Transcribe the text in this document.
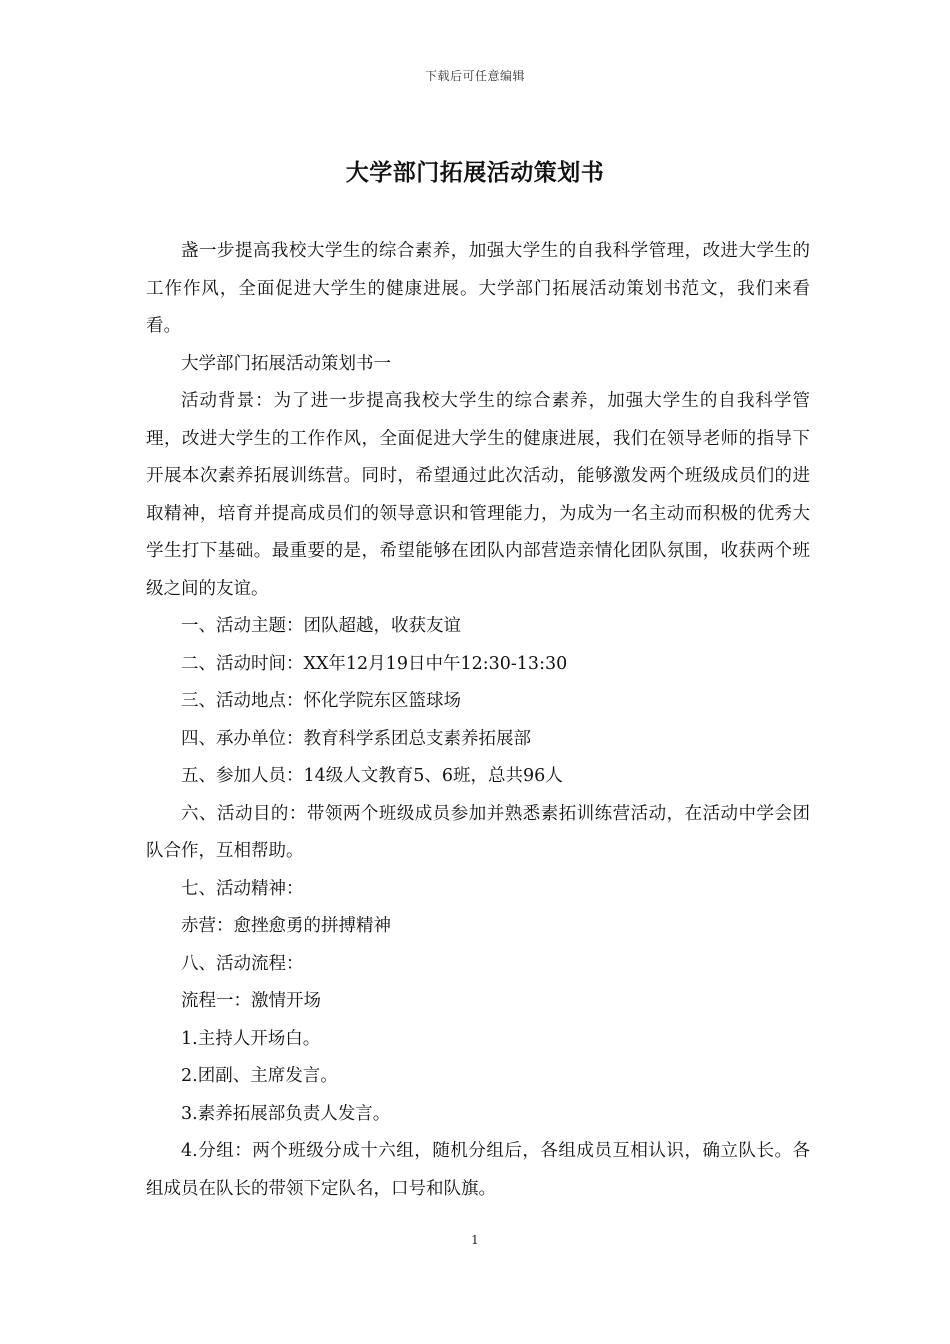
下载后可任意编辑
大学部门拓展活动策划书

盏一步提高我校大学生的综合素养，加强大学生的自我科学管理，改进大学生的工作作风，全面促进大学生的健康进展。大学部门拓展活动策划书范文，我们来看看。

大学部门拓展活动策划书一

活动背景：为了进一步提高我校大学生的综合素养，加强大学生的自我科学管理，改进大学生的工作作风，全面促进大学生的健康进展，我们在领导老师的指导下开展本次素养拓展训练营。同时，希望通过此次活动，能够激发两个班级成员们的进取精神，培育并提高成员们的领导意识和管理能力，为成为一名主动而积极的优秀大学生打下基础。最重要的是，希望能够在团队内部营造亲情化团队氛围，收获两个班级之间的友谊。

一、活动主题：团队超越，收获友谊

二、活动时间：XX年12月19日中午12:30-13:30

三、活动地点：怀化学院东区篮球场

四、承办单位：教育科学系团总支素养拓展部

五、参加人员：14级人文教育5、6班，总共96人

六、活动目的：带领两个班级成员参加并熟悉素拓训练营活动，在活动中学会团队合作，互相帮助。

七、活动精神：

赤营：愈挫愈勇的拼搏精神

八、活动流程：

流程一：激情开场

1.主持人开场白。

2.团副、主席发言。

3.素养拓展部负责人发言。

4.分组：两个班级分成十六组，随机分组后，各组成员互相认识，确立队长。各组成员在队长的带领下定队名，口号和队旗。

1
